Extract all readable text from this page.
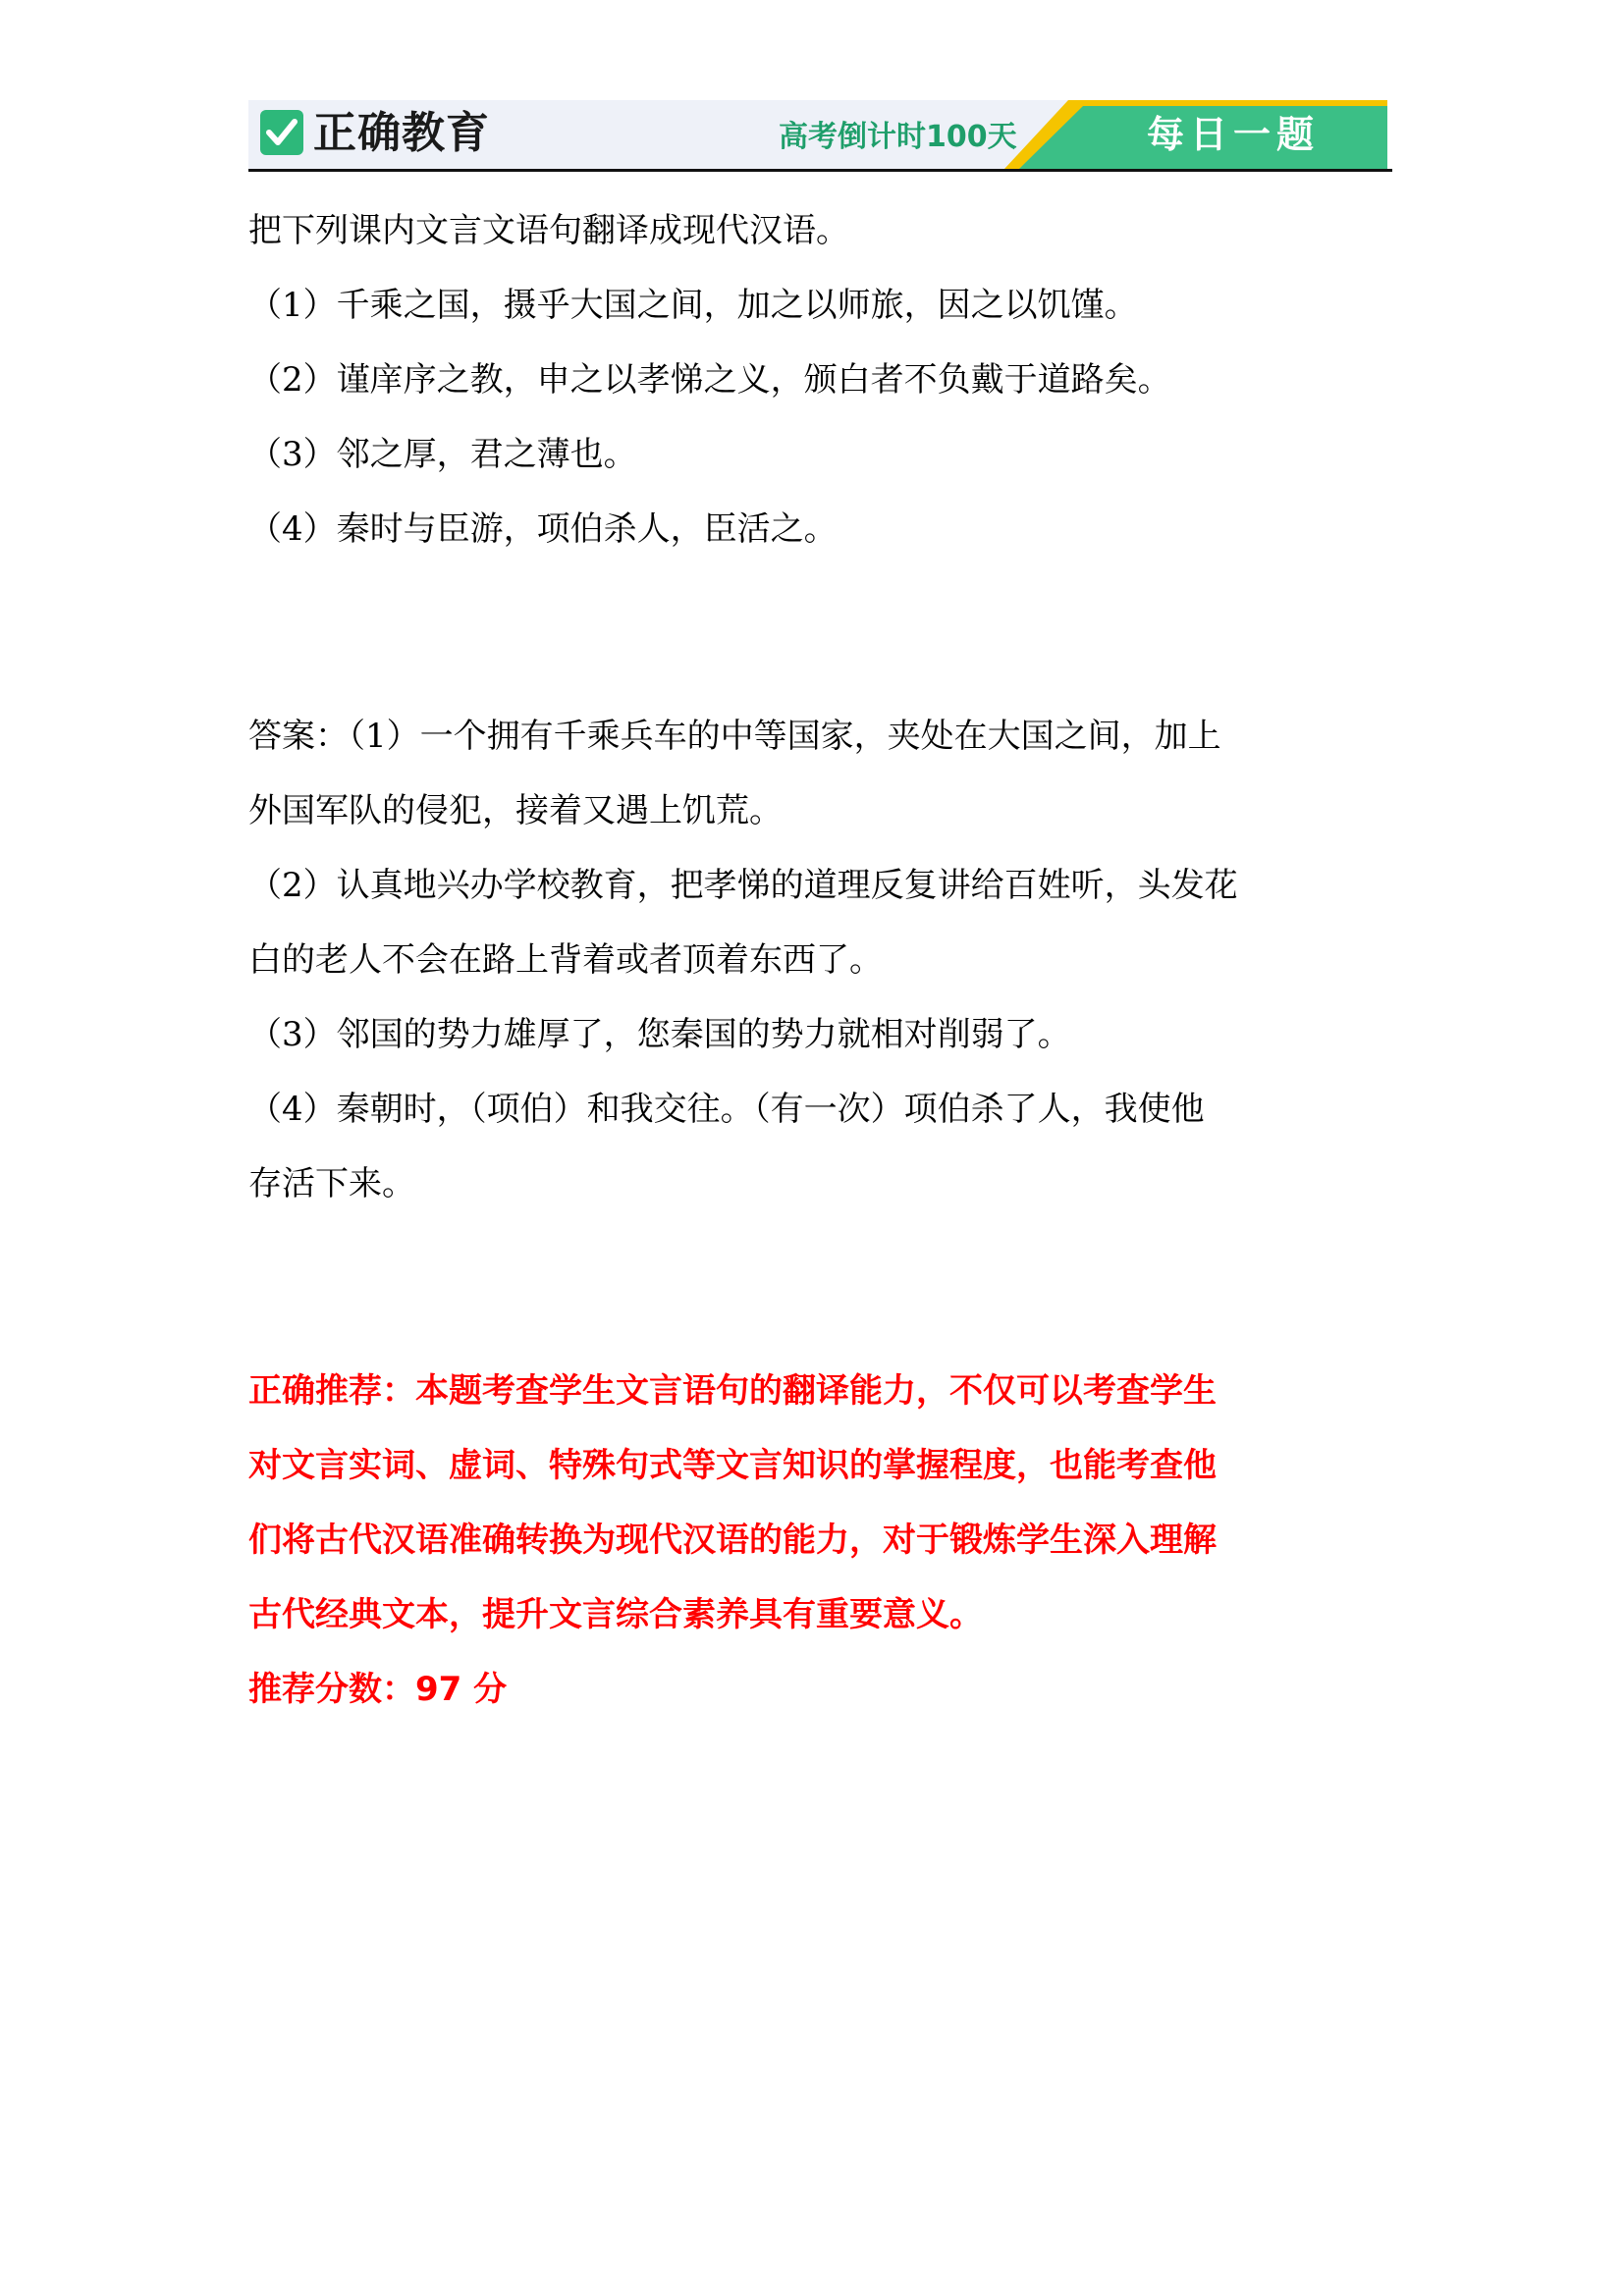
正确教育	高考倒计时100天	每日一题
把下列课内文言文语句翻译成现代汉语。
（1）千乘之国，摄乎大国之间，加之以师旅，因之以饥馑。
（2）谨庠序之教，申之以孝悌之义，颁白者不负戴于道路矣。
（3）邻之厚，君之薄也。
（4）秦时与臣游，项伯杀人，臣活之。
答案：（1）一个拥有千乘兵车的中等国家，夹处在大国之间，加上
外国军队的侵犯，接着又遇上饥荒。
（2）认真地兴办学校教育，把孝悌的道理反复讲给百姓听，头发花
白的老人不会在路上背着或者顶着东西了。
（3）邻国的势力雄厚了，您秦国的势力就相对削弱了。
（4）秦朝时，（项伯）和我交往。（有一次）项伯杀了人，我使他
存活下来。
正确推荐：本题考查学生文言语句的翻译能力，不仅可以考查学生
对文言实词、虚词、特殊句式等文言知识的掌握程度，也能考查他
们将古代汉语准确转换为现代汉语的能力，对于锻炼学生深入理解
古代经典文本，提升文言综合素养具有重要意义。
推荐分数：97 分
